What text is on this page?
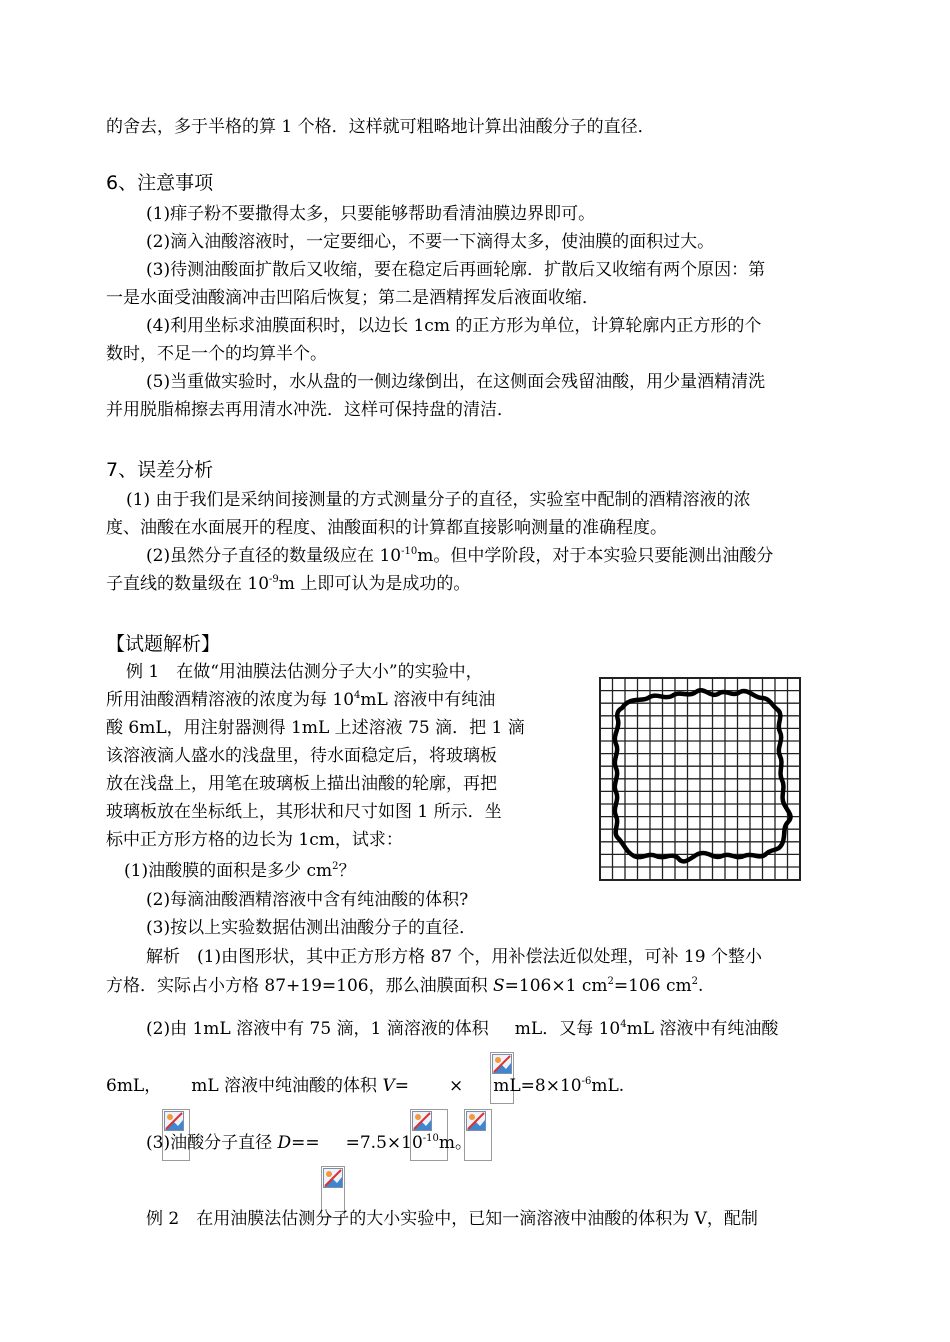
的舍去，多于半格的算 1 个格．这样就可粗略地计算出油酸分子的直径．
6、注意事项
(1)痱子粉不要撒得太多，只要能够帮助看清油膜边界即可。
(2)滴入油酸溶液时，一定要细心，不要一下滴得太多，使油膜的面积过大。
(3)待测油酸面扩散后又收缩，要在稳定后再画轮廓．扩散后又收缩有两个原因：第
一是水面受油酸滴冲击凹陷后恢复；第二是酒精挥发后液面收缩．
(4)利用坐标求油膜面积时，以边长 1cm 的正方形为单位，计算轮廓内正方形的个
数时，不足一个的均算半个。
(5)当重做实验时，水从盘的一侧边缘倒出，在这侧面会残留油酸，用少量酒精清洗
并用脱脂棉擦去再用清水冲洗．这样可保持盘的清洁．
7、误差分析
(1) 由于我们是采纳间接测量的方式测量分子的直径，实验室中配制的酒精溶液的浓
度、油酸在水面展开的程度、油酸面积的计算都直接影响测量的准确程度。
(2)虽然分子直径的数量级应在 $10^{-10}m$。但中学阶段，对于本实验只要能测出油酸分
子直线的数量级在 $10^{-9}m$ 上即可认为是成功的。
【试题解析】
例 1　在做“用油膜法估测分子大小”的实验中，
所用油酸酒精溶液的浓度为每 $10^4mL$ 溶液中有纯油
酸 6mL，用注射器测得 1mL 上述溶液 75 滴．把 1 滴
该溶液滴人盛水的浅盘里，待水面稳定后，将玻璃板
放在浅盘上，用笔在玻璃板上描出油酸的轮廓，再把
玻璃板放在坐标纸上，其形状和尺寸如图 1 所示．坐
标中正方形方格的边长为 1cm，试求：
(1)油酸膜的面积是多少 $cm^2$？
(2)每滴油酸酒精溶液中含有纯油酸的体积?
(3)按以上实验数据估测出油酸分子的直径．
解析　(1)由图形状，其中正方形方格 87 个，用补偿法近似处理，可补 19 个整小
方格．实际占小方格 87+19=106，那么油膜面积 S=106×1 $cm^2=106$ $cm^2$.
(2)由 1mL 溶液中有 75 滴，1 滴溶液的体积 mL．又每 $10^4mL$ 溶液中有纯油酸
6mL， mL 溶液中纯油酸的体积 $V= \times mL=8\times 10^{-6}mL$.
(3)油酸分子直径 $D== =7.5\times 10^{-10}m$。
例 2　在用油膜法估测分子的大小实验中，已知一滴溶液中油酸的体积为 V，配制
